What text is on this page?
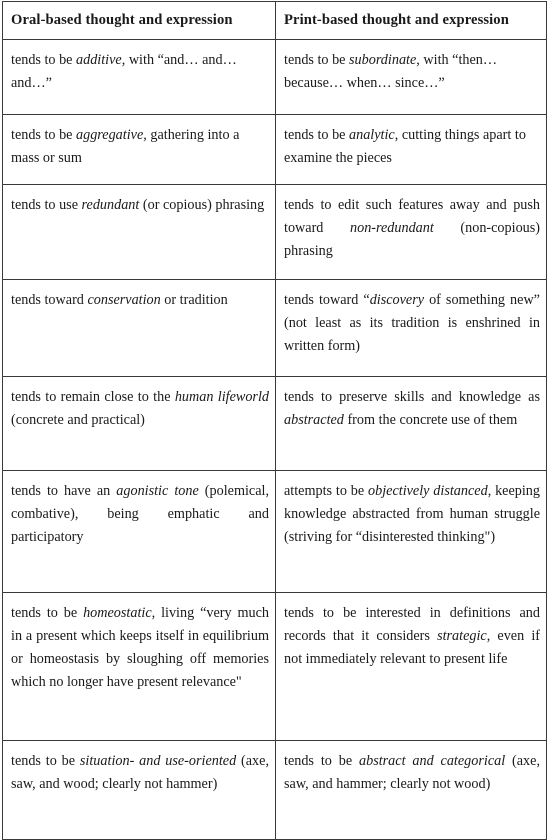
Oral-based thought and expression	Print-based thought and expression
tends to be additive, with “and… and… and…”	tends to be subordinate, with “then… because… when… since…”
tends to be aggregative, gathering into a mass or sum	tends to be analytic, cutting things apart to examine the pieces
tends to use redundant (or copious) phrasing	tends to edit such features away and push toward non-redundant (non-copious) phrasing
tends toward conservation or tradition	tends toward “discovery of something new” (not least as its tradition is enshrined in written form)
tends to remain close to the human lifeworld (concrete and practical)	tends to preserve skills and knowledge as abstracted from the concrete use of them
tends to have an agonistic tone (polemical, combative), being emphatic and participatory	attempts to be objectively distanced, keeping knowledge abstracted from human struggle (striving for “disinterested thinking")
tends to be homeostatic, living “very much in a present which keeps itself in equilibrium or homeostasis by sloughing off memories which no longer have present relevance"	tends to be interested in definitions and records that it considers strategic, even if not immediately relevant to present life
tends to be situation- and use-oriented (axe, saw, and wood; clearly not hammer)	tends to be abstract and categorical (axe, saw, and hammer; clearly not wood)
